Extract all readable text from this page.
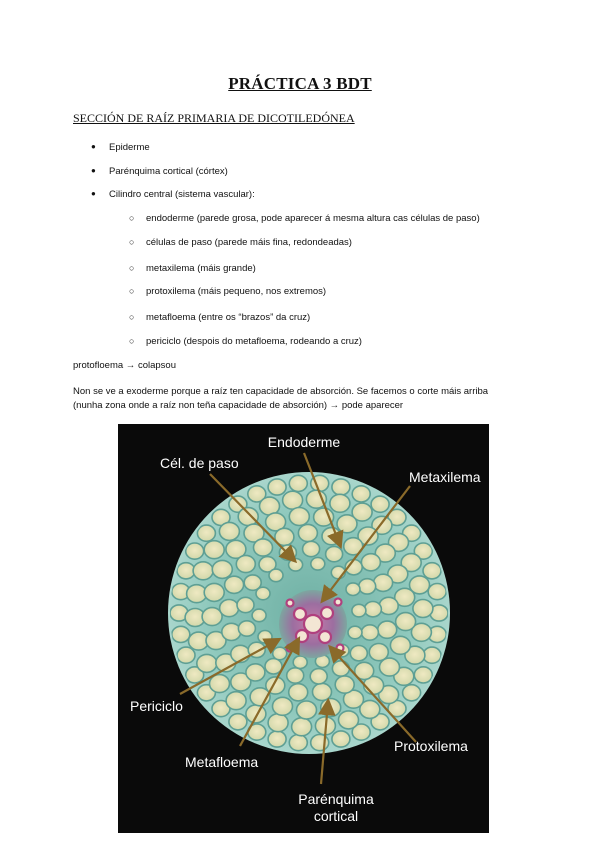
PRÁCTICA 3 BDT
SECCIÓN DE RAÍZ PRIMARIA DE DICOTILEDÓNEA
● Epiderme
● Parénquima cortical (córtex)
● Cilindro central (sistema vascular):
○ endoderme (parede grosa, pode aparecer á mesma altura cas células de paso)
○ células de paso (parede máis fina, redondeadas)
○ metaxilema (máis grande)
○ protoxilema (máis pequeno, nos extremos)
○ metafloema (entre os “brazos” da cruz)
○ periciclo (despois do metafloema, rodeando a cruz)
protofloema → colapsou
Non se ve a exoderme porque a raíz ten capacidade de absorción. Se facemos o corte máis arriba
(nunha zona onde a raíz non teña capacidade de absorción) → pode aparecer
Endoderme
Cél. de paso
Metaxilema
Periciclo
Protoxilema
Metafloema
Parénquima
cortical
